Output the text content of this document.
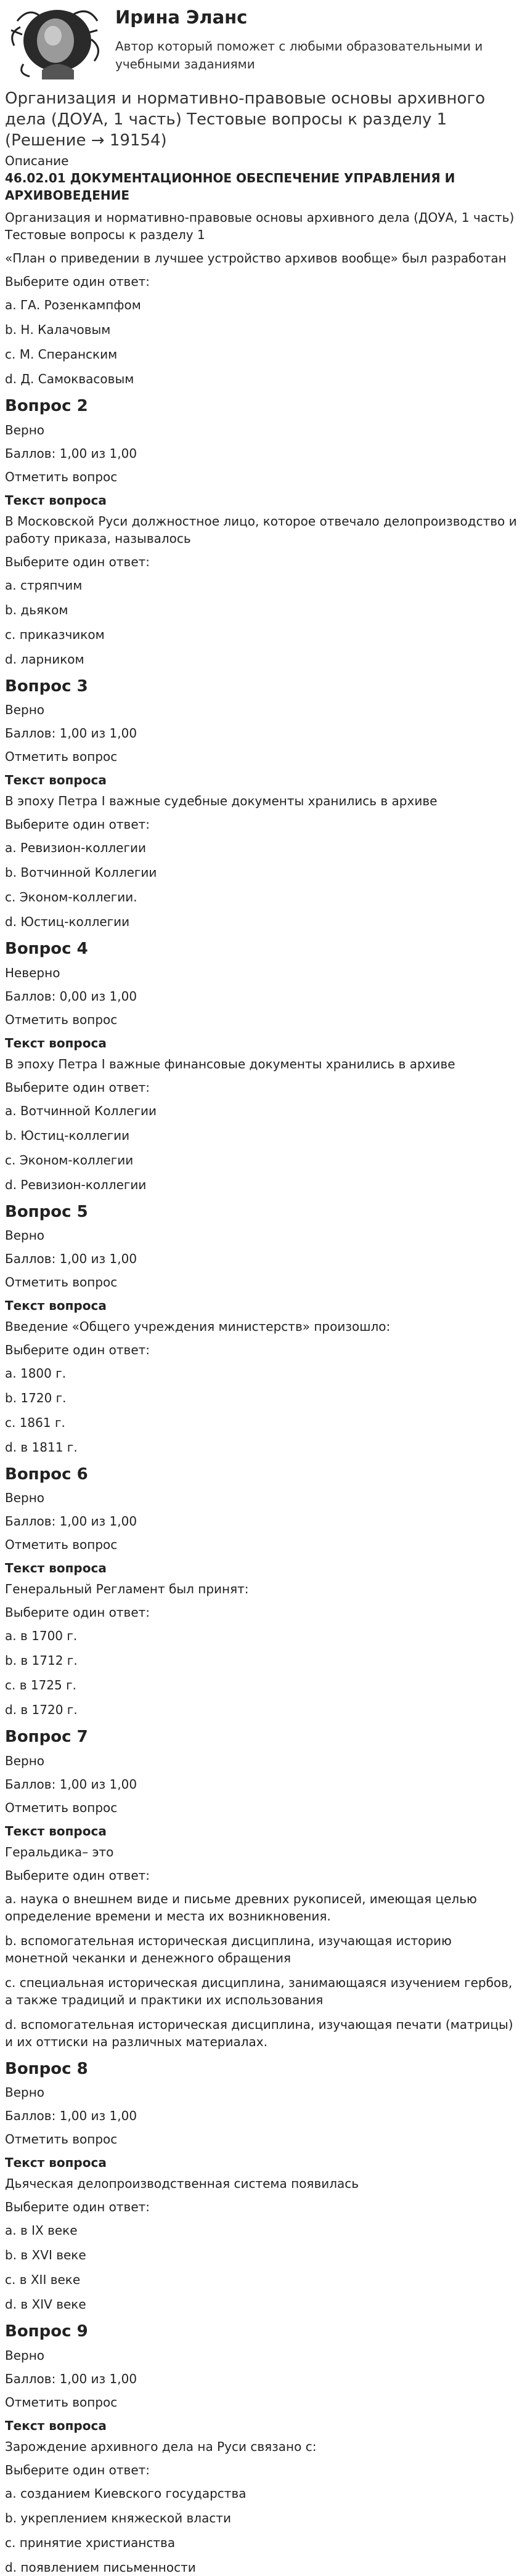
Ирина Эланс
Автор который поможет с любыми образовательными и учебными заданиями
Организация и нормативно-правовые основы архивного дела (ДОУА, 1 часть) Тестовые вопросы к разделу 1 (Решение → 19154)
Описание
46.02.01 ДОКУМЕНТАЦИОННОЕ ОБЕСПЕЧЕНИЕ УПРАВЛЕНИЯ И АРХИВОВЕДЕНИЕ

Организация и нормативно-правовые основы архивного дела (ДОУА, 1 часть) Тестовые вопросы к разделу 1

«План о приведении в лучшее устройство архивов вообще» был разработан

Выберите один ответ:

a. ГА. Розенкампфом

b. Н. Калачовым

c. М. Сперанским

d. Д. Самоквасовым

Вопрос 2

Верно

Баллов: 1,00 из 1,00

Отметить вопрос

Текст вопроса

В Московской Руси должностное лицо, которое отвечало делопроизводство и работу приказа, называлось

Выберите один ответ:

a. стряпчим

b. дьяком

c. приказчиком

d. ларником

Вопрос 3

Верно

Баллов: 1,00 из 1,00

Отметить вопрос

Текст вопроса

В эпоху Петра I важные судебные документы хранились в архиве

Выберите один ответ:

a. Ревизион-коллегии

b. Вотчинной Коллегии

c. Эконом-коллегии.

d. Юстиц-коллегии

Вопрос 4

Неверно

Баллов: 0,00 из 1,00

Отметить вопрос

Текст вопроса

В эпоху Петра I важные финансовые документы хранились в архиве

Выберите один ответ:

a. Вотчинной Коллегии

b. Юстиц-коллегии

c. Эконом-коллегии

d. Ревизион-коллегии

Вопрос 5

Верно

Баллов: 1,00 из 1,00

Отметить вопрос

Текст вопроса

Введение «Общего учреждения министерств» произошло:

Выберите один ответ:

a. 1800 г.

b. 1720 г.

c. 1861 г.

d. в 1811 г.

Вопрос 6

Верно

Баллов: 1,00 из 1,00

Отметить вопрос

Текст вопроса

Генеральный Регламент был принят:

Выберите один ответ:

a. в 1700 г.

b. в 1712 г.

c. в 1725 г.

d. в 1720 г.

Вопрос 7

Верно

Баллов: 1,00 из 1,00

Отметить вопрос

Текст вопроса

Геральдика– это

Выберите один ответ:

a. наука о внешнем виде и письме древних рукописей, имеющая целью определение времени и места их возникновения.

b. вспомогательная историческая дисциплина, изучающая историю монетной чеканки и денежного обращения

c. специальная историческая дисциплина, занимающаяся изучением гербов, а также традиций и практики их использования

d. вспомогательная историческая дисциплина, изучающая печати (матрицы) и их оттиски на различных материалах.

Вопрос 8

Верно

Баллов: 1,00 из 1,00

Отметить вопрос

Текст вопроса

Дьяческая делопроизводственная система появилась

Выберите один ответ:

a. в IX веке

b. в XVI веке

c. в XII веке

d. в XIV веке

Вопрос 9

Верно

Баллов: 1,00 из 1,00

Отметить вопрос

Текст вопроса

Зарождение архивного дела на Руси связано с:

Выберите один ответ:

a. созданием Киевского государства

b. укреплением княжеской власти

c. принятие христианства

d. появлением письменности
